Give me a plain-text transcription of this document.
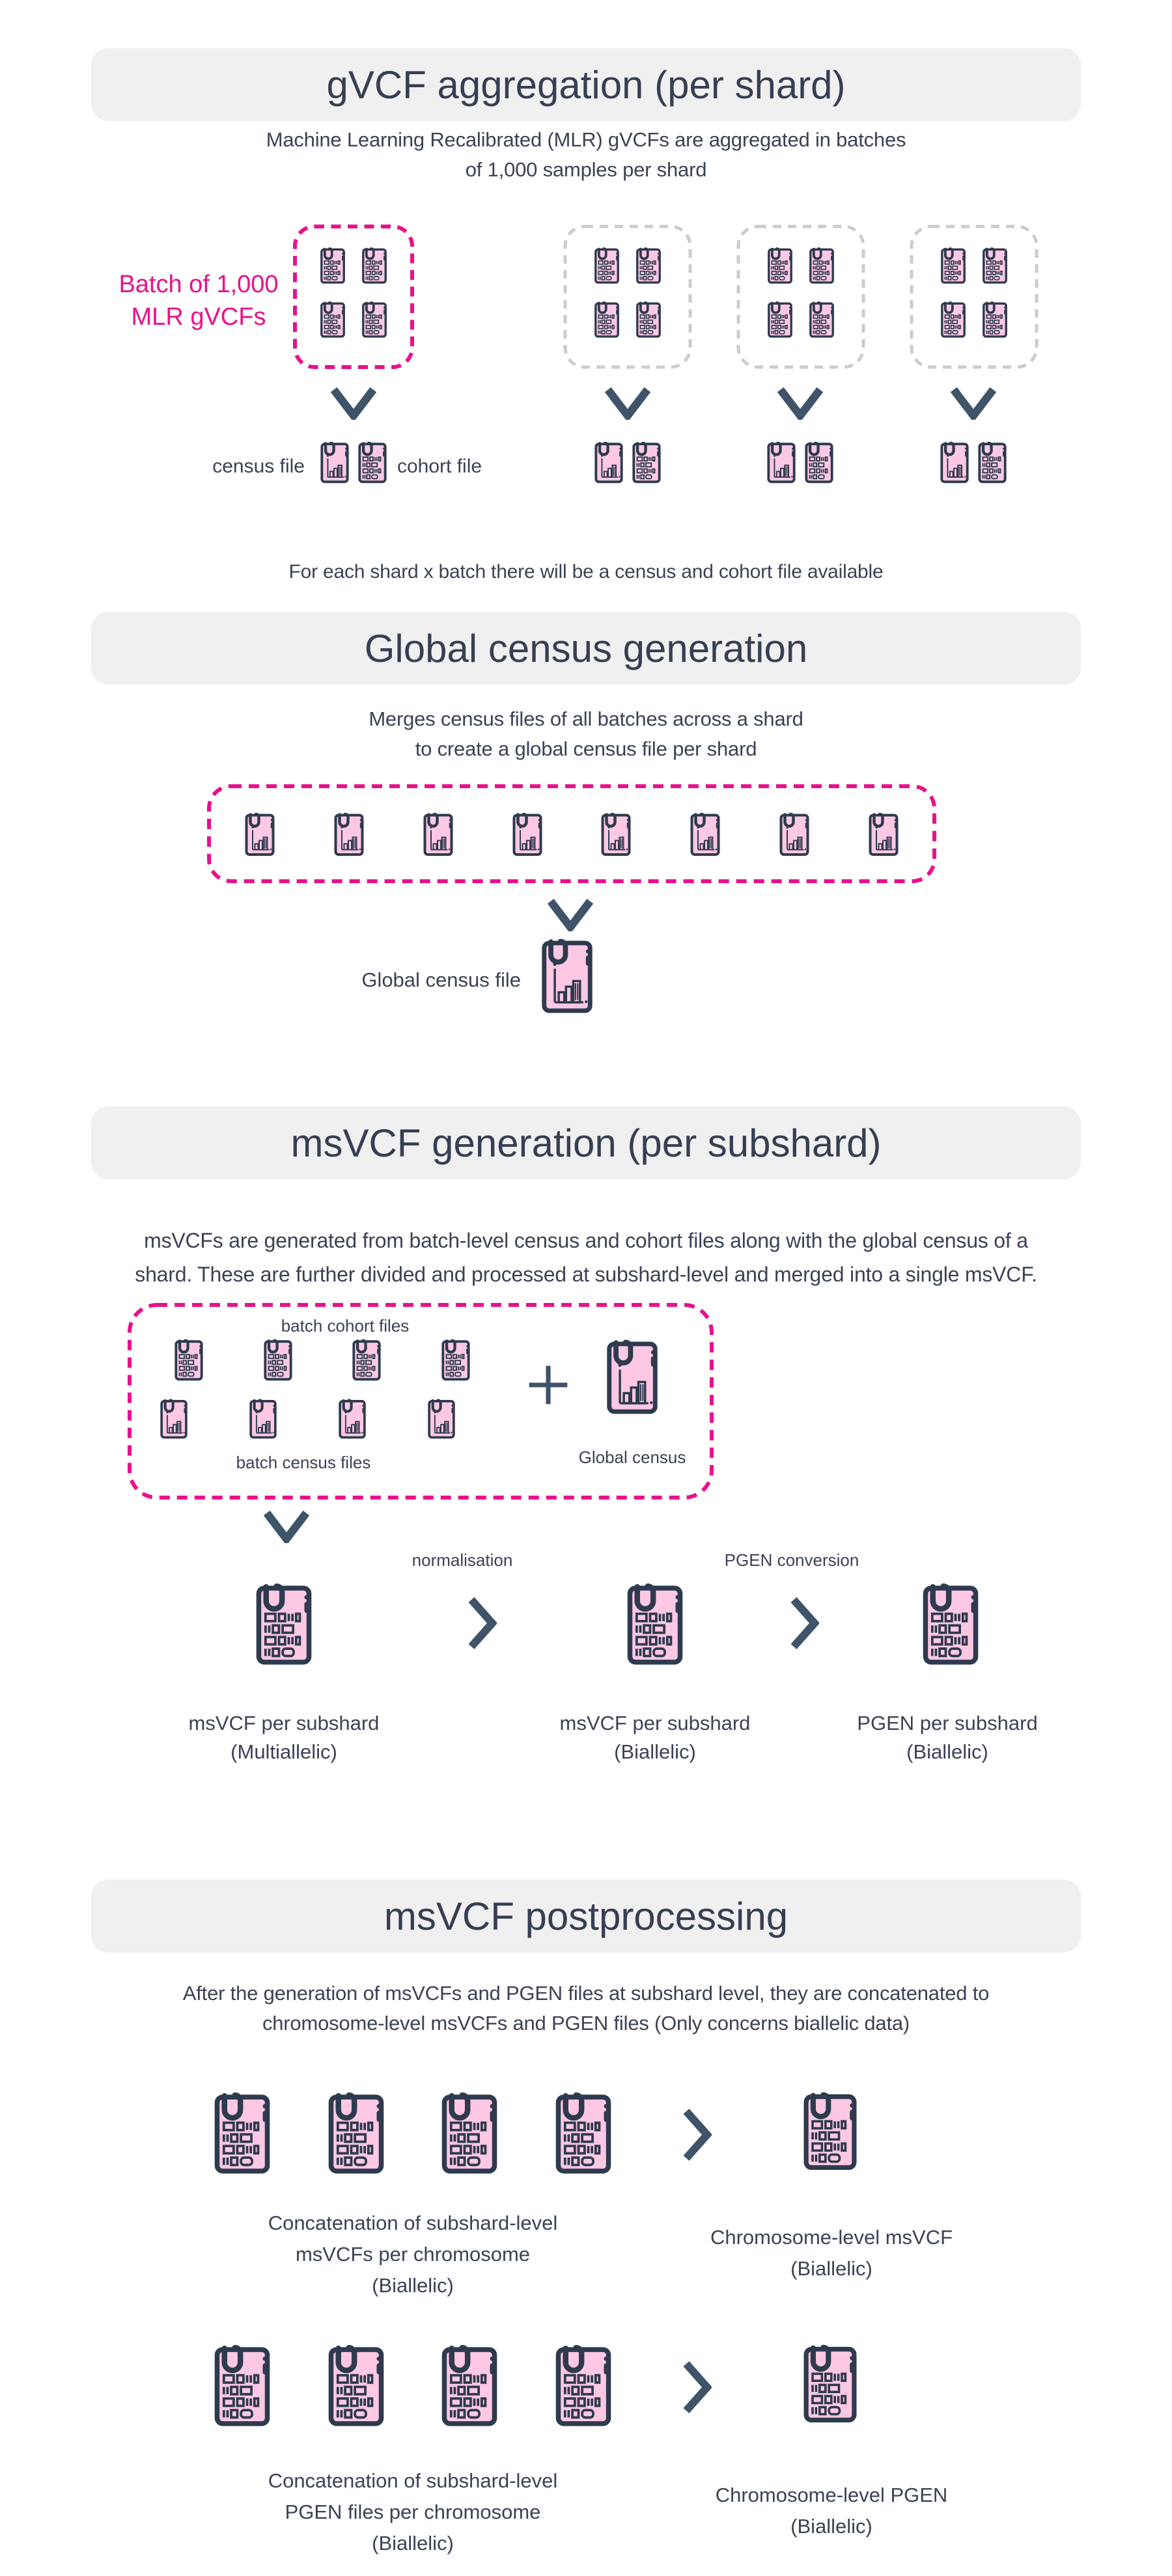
gVCF aggregation (per shard)
Machine Learning Recalibrated (MLR) gVCFs are aggregated in batches
of 1,000 samples per shard
Batch of 1,000
MLR gVCFs
census file	cohort file
For each shard x batch there will be a census and cohort file available
Global census generation
Merges census files of all batches across a shard
to create a global census file per shard
Global census file
msVCF generation (per subshard)
msVCFs are generated from batch-level census and cohort files along with the global census of a
shard. These are further divided and processed at subshard-level and merged into a single msVCF.
batch cohort files
batch census files	Global census
normalisation	PGEN conversion
msVCF per subshard
(Multiallelic)
msVCF per subshard
(Biallelic)
PGEN per subshard
(Biallelic)
msVCF postprocessing
After the generation of msVCFs and PGEN files at subshard level, they are concatenated to
chromosome-level msVCFs and PGEN files (Only concerns biallelic data)
Concatenation of subshard-level
msVCFs per chromosome
(Biallelic)
Chromosome-level msVCF
(Biallelic)
Concatenation of subshard-level
PGEN files per chromosome
(Biallelic)
Chromosome-level PGEN
(Biallelic)
